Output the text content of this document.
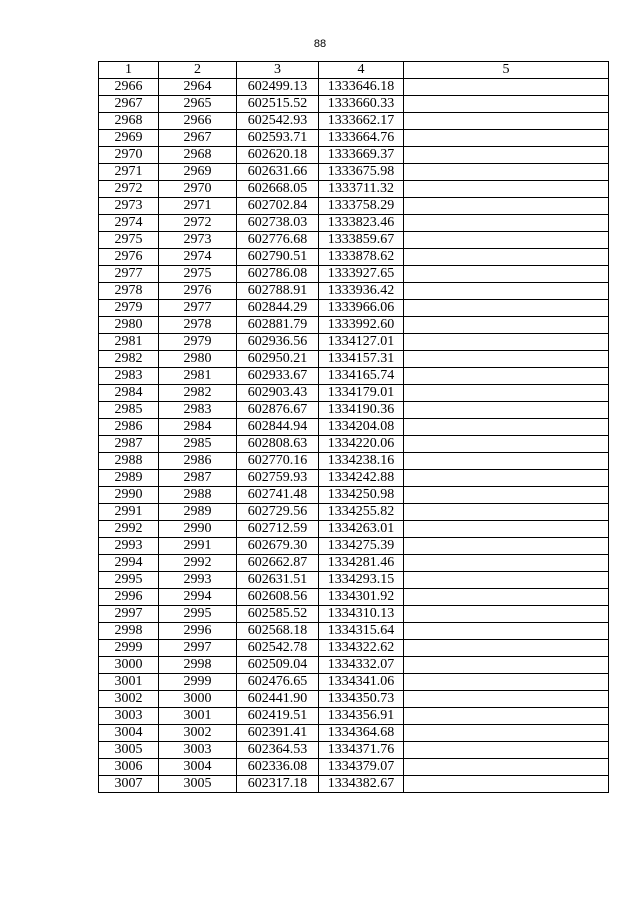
88
1	2	3	4	5
2966	2964	602499.13	1333646.18	
2967	2965	602515.52	1333660.33	
2968	2966	602542.93	1333662.17	
2969	2967	602593.71	1333664.76	
2970	2968	602620.18	1333669.37	
2971	2969	602631.66	1333675.98	
2972	2970	602668.05	1333711.32	
2973	2971	602702.84	1333758.29	
2974	2972	602738.03	1333823.46	
2975	2973	602776.68	1333859.67	
2976	2974	602790.51	1333878.62	
2977	2975	602786.08	1333927.65	
2978	2976	602788.91	1333936.42	
2979	2977	602844.29	1333966.06	
2980	2978	602881.79	1333992.60	
2981	2979	602936.56	1334127.01	
2982	2980	602950.21	1334157.31	
2983	2981	602933.67	1334165.74	
2984	2982	602903.43	1334179.01	
2985	2983	602876.67	1334190.36	
2986	2984	602844.94	1334204.08	
2987	2985	602808.63	1334220.06	
2988	2986	602770.16	1334238.16	
2989	2987	602759.93	1334242.88	
2990	2988	602741.48	1334250.98	
2991	2989	602729.56	1334255.82	
2992	2990	602712.59	1334263.01	
2993	2991	602679.30	1334275.39	
2994	2992	602662.87	1334281.46	
2995	2993	602631.51	1334293.15	
2996	2994	602608.56	1334301.92	
2997	2995	602585.52	1334310.13	
2998	2996	602568.18	1334315.64	
2999	2997	602542.78	1334322.62	
3000	2998	602509.04	1334332.07	
3001	2999	602476.65	1334341.06	
3002	3000	602441.90	1334350.73	
3003	3001	602419.51	1334356.91	
3004	3002	602391.41	1334364.68	
3005	3003	602364.53	1334371.76	
3006	3004	602336.08	1334379.07	
3007	3005	602317.18	1334382.67	
